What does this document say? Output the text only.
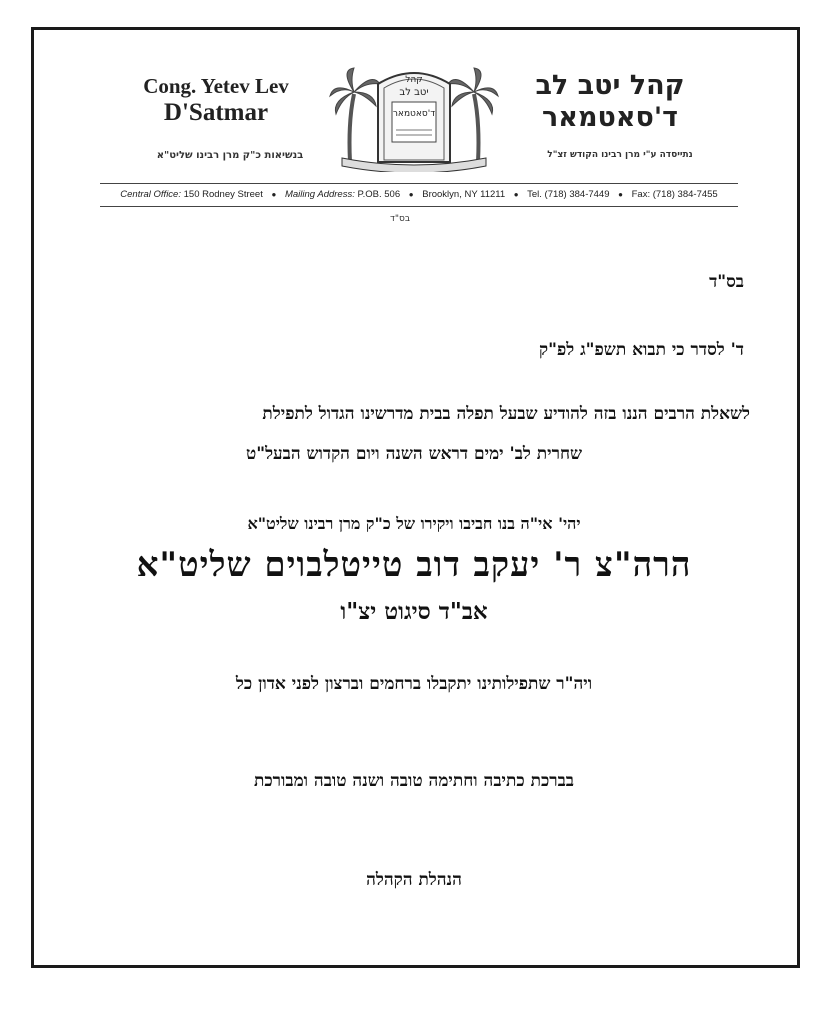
Cong. Yetev Lev
D'Satmar
בנשיאות כ"ק מרן רבינו שליט"א
קהל יטב לב
ד'סאטמאר
נתייסדה ע"י מרן רבינו הקודש זצ"ל
קהל
יטב לב
ד'סאטמאר
Central Office: 150 Rodney Street ● Mailing Address: P.OB. 506 ● Brooklyn, NY 11211 ● Tel. (718) 384-7449 ● Fax: (718) 384-7455
בס"ד
בס"ד
ד' לסדר כי תבוא תשפ"ג לפ"ק
לשאלת הרבים הננו בזה להודיע שבעל תפלה בבית מדרשינו הגדול לתפילת
שחרית לב' ימים דראש השנה ויום הקדוש הבעל"ט
יהי' אי"ה בנו חביבו ויקירו של כ"ק מרן רבינו שליט"א
הרה"צ ר' יעקב דוב טייטלבוים שליט"א
אב"ד סיגוט יצ"ו
ויה"ר שתפילותינו יתקבלו ברחמים וברצון לפני אדון כל
בברכת כתיבה וחתימה טובה ושנה טובה ומבורכת
הנהלת הקהלה
